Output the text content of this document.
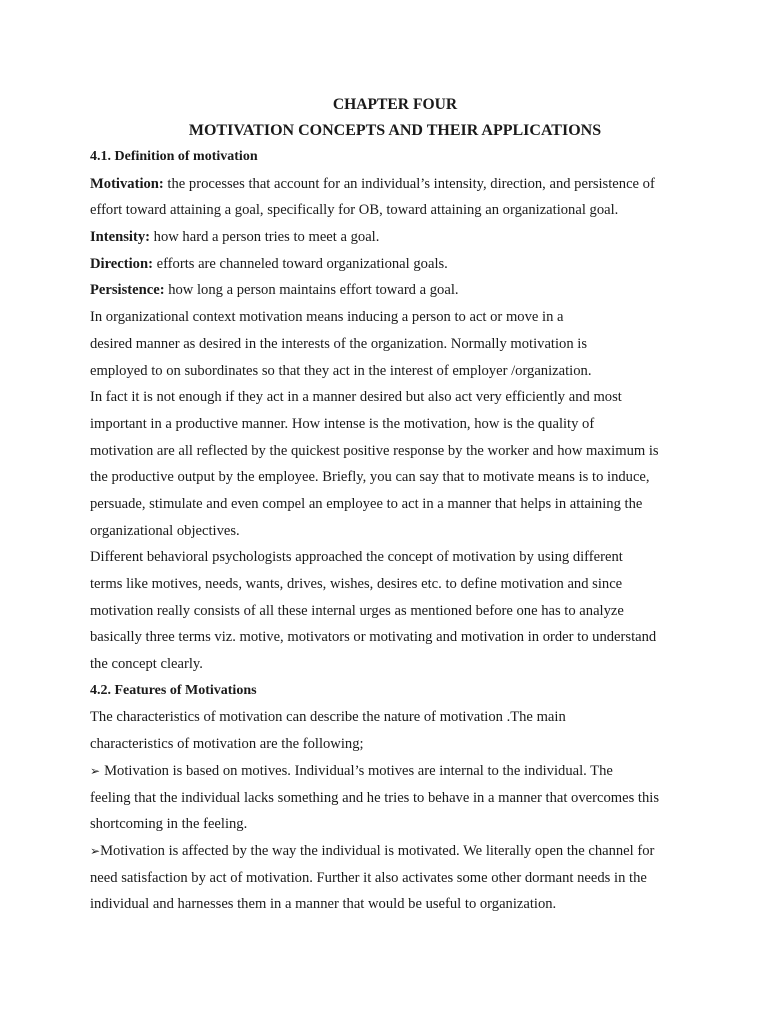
CHAPTER FOUR
MOTIVATION CONCEPTS AND THEIR APPLICATIONS
4.1. Definition of motivation
Motivation: the processes that account for an individual’s intensity, direction, and persistence of
effort toward attaining a goal, specifically for OB, toward attaining an organizational goal.
Intensity: how hard a person tries to meet a goal.
Direction: efforts are channeled toward organizational goals.
Persistence: how long a person maintains effort toward a goal.
In organizational context motivation means inducing a person to act or move in a
desired manner as desired in the interests of the organization. Normally motivation is
employed to on subordinates so that they act in the interest of employer /organization.
In fact it is not enough if they act in a manner desired but also act very efficiently and most
important in a productive manner. How intense is the motivation, how is the quality of
motivation are all reflected by the quickest positive response by the worker and how maximum is
the productive output by the employee. Briefly, you can say that to motivate means is to induce,
persuade, stimulate and even compel an employee to act in a manner that helps in attaining the
organizational objectives.
Different behavioral psychologists approached the concept of motivation by using different
terms like motives, needs, wants, drives, wishes, desires etc. to define motivation and since
motivation really consists of all these internal urges as mentioned before one has to analyze
basically three terms viz. motive, motivators or motivating and motivation in order to understand
the concept clearly.
4.2. Features of Motivations
The characteristics of motivation can describe the nature of motivation .The main
characteristics of motivation are the following;
➢ Motivation is based on motives. Individual’s motives are internal to the individual. The
feeling that the individual lacks something and he tries to behave in a manner that overcomes this
shortcoming in the feeling.
➢Motivation is affected by the way the individual is motivated. We literally open the channel for
need satisfaction by act of motivation. Further it also activates some other dormant needs in the
individual and harnesses them in a manner that would be useful to organization.
